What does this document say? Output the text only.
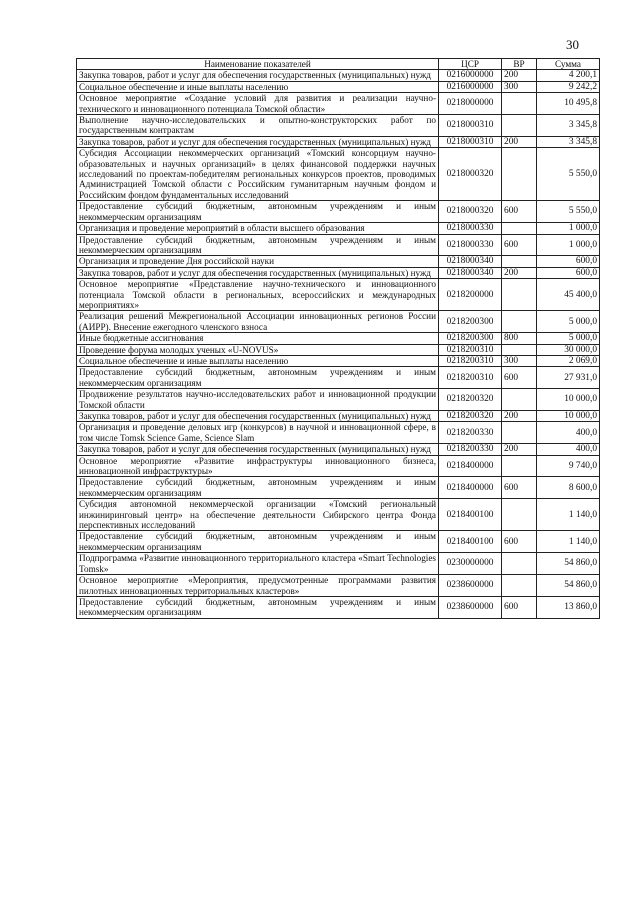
30
Наименование показателей	ЦСР	ВР	Сумма
Закупка товаров, работ и услуг для обеспечения государственных (муниципальных) нужд	0216000000	200	4 200,1
Социальное обеспечение и иные выплаты населению	0216000000	300	9 242,2
Основное мероприятие «Создание условий для развития и реализации научно-технического и инновационного потенциала Томской области»	0218000000		10 495,8
Выполнение научно-исследовательских и опытно-конструкторских работ по государственным контрактам	0218000310		3 345,8
Закупка товаров, работ и услуг для обеспечения государственных (муниципальных) нужд	0218000310	200	3 345,8
Субсидия Ассоциации некоммерческих организаций «Томский консорциум научно-образовательных и научных организаций» в целях финансовой поддержки научных исследований по проектам-победителям региональных конкурсов проектов, проводимых Администрацией Томской области с Российским гуманитарным научным фондом и Российским фондом фундаментальных исследований	0218000320		5 550,0
Предоставление субсидий бюджетным, автономным учреждениям и иным некоммерческим организациям	0218000320	600	5 550,0
Организация и проведение мероприятий в области высшего образования	0218000330		1 000,0
Предоставление субсидий бюджетным, автономным учреждениям и иным некоммерческим организациям	0218000330	600	1 000,0
Организация и проведение Дня российской науки	0218000340		600,0
Закупка товаров, работ и услуг для обеспечения государственных (муниципальных) нужд	0218000340	200	600,0
Основное мероприятие «Представление научно-технического и инновационного потенциала Томской области в региональных, всероссийских и международных мероприятиях»	0218200000		45 400,0
Реализация решений Межрегиональной Ассоциации инновационных регионов России (АИРР). Внесение ежегодного членского взноса	0218200300		5 000,0
Иные бюджетные ассигнования	0218200300	800	5 000,0
Проведение форума молодых ученых «U-NOVUS»	0218200310		30 000,0
Социальное обеспечение и иные выплаты населению	0218200310	300	2 069,0
Предоставление субсидий бюджетным, автономным учреждениям и иным некоммерческим организациям	0218200310	600	27 931,0
Продвижение результатов научно-исследовательских работ и инновационной продукции Томской области	0218200320		10 000,0
Закупка товаров, работ и услуг для обеспечения государственных (муниципальных) нужд	0218200320	200	10 000,0
Организация и проведение деловых игр (конкурсов) в научной и инновационной сфере, в том числе Tomsk Science Game, Science Slam	0218200330		400,0
Закупка товаров, работ и услуг для обеспечения государственных (муниципальных) нужд	0218200330	200	400,0
Основное мероприятие «Развитие инфраструктуры инновационного бизнеса, инновационной инфраструктуры»	0218400000		9 740,0
Предоставление субсидий бюджетным, автономным учреждениям и иным некоммерческим организациям	0218400000	600	8 600,0
Субсидия автономной некоммерческой организации «Томский региональный инжиниринговый центр» на обеспечение деятельности Сибирского центра Фонда перспективных исследований	0218400100		1 140,0
Предоставление субсидий бюджетным, автономным учреждениям и иным некоммерческим организациям	0218400100	600	1 140,0
Подпрограмма «Развитие инновационного территориального кластера «Smart Technologies Tomsk»	0230000000		54 860,0
Основное мероприятие «Мероприятия, предусмотренные программами развития пилотных инновационных территориальных кластеров»	0238600000		54 860,0
Предоставление субсидий бюджетным, автономным учреждениям и иным некоммерческим организациям	0238600000	600	13 860,0
